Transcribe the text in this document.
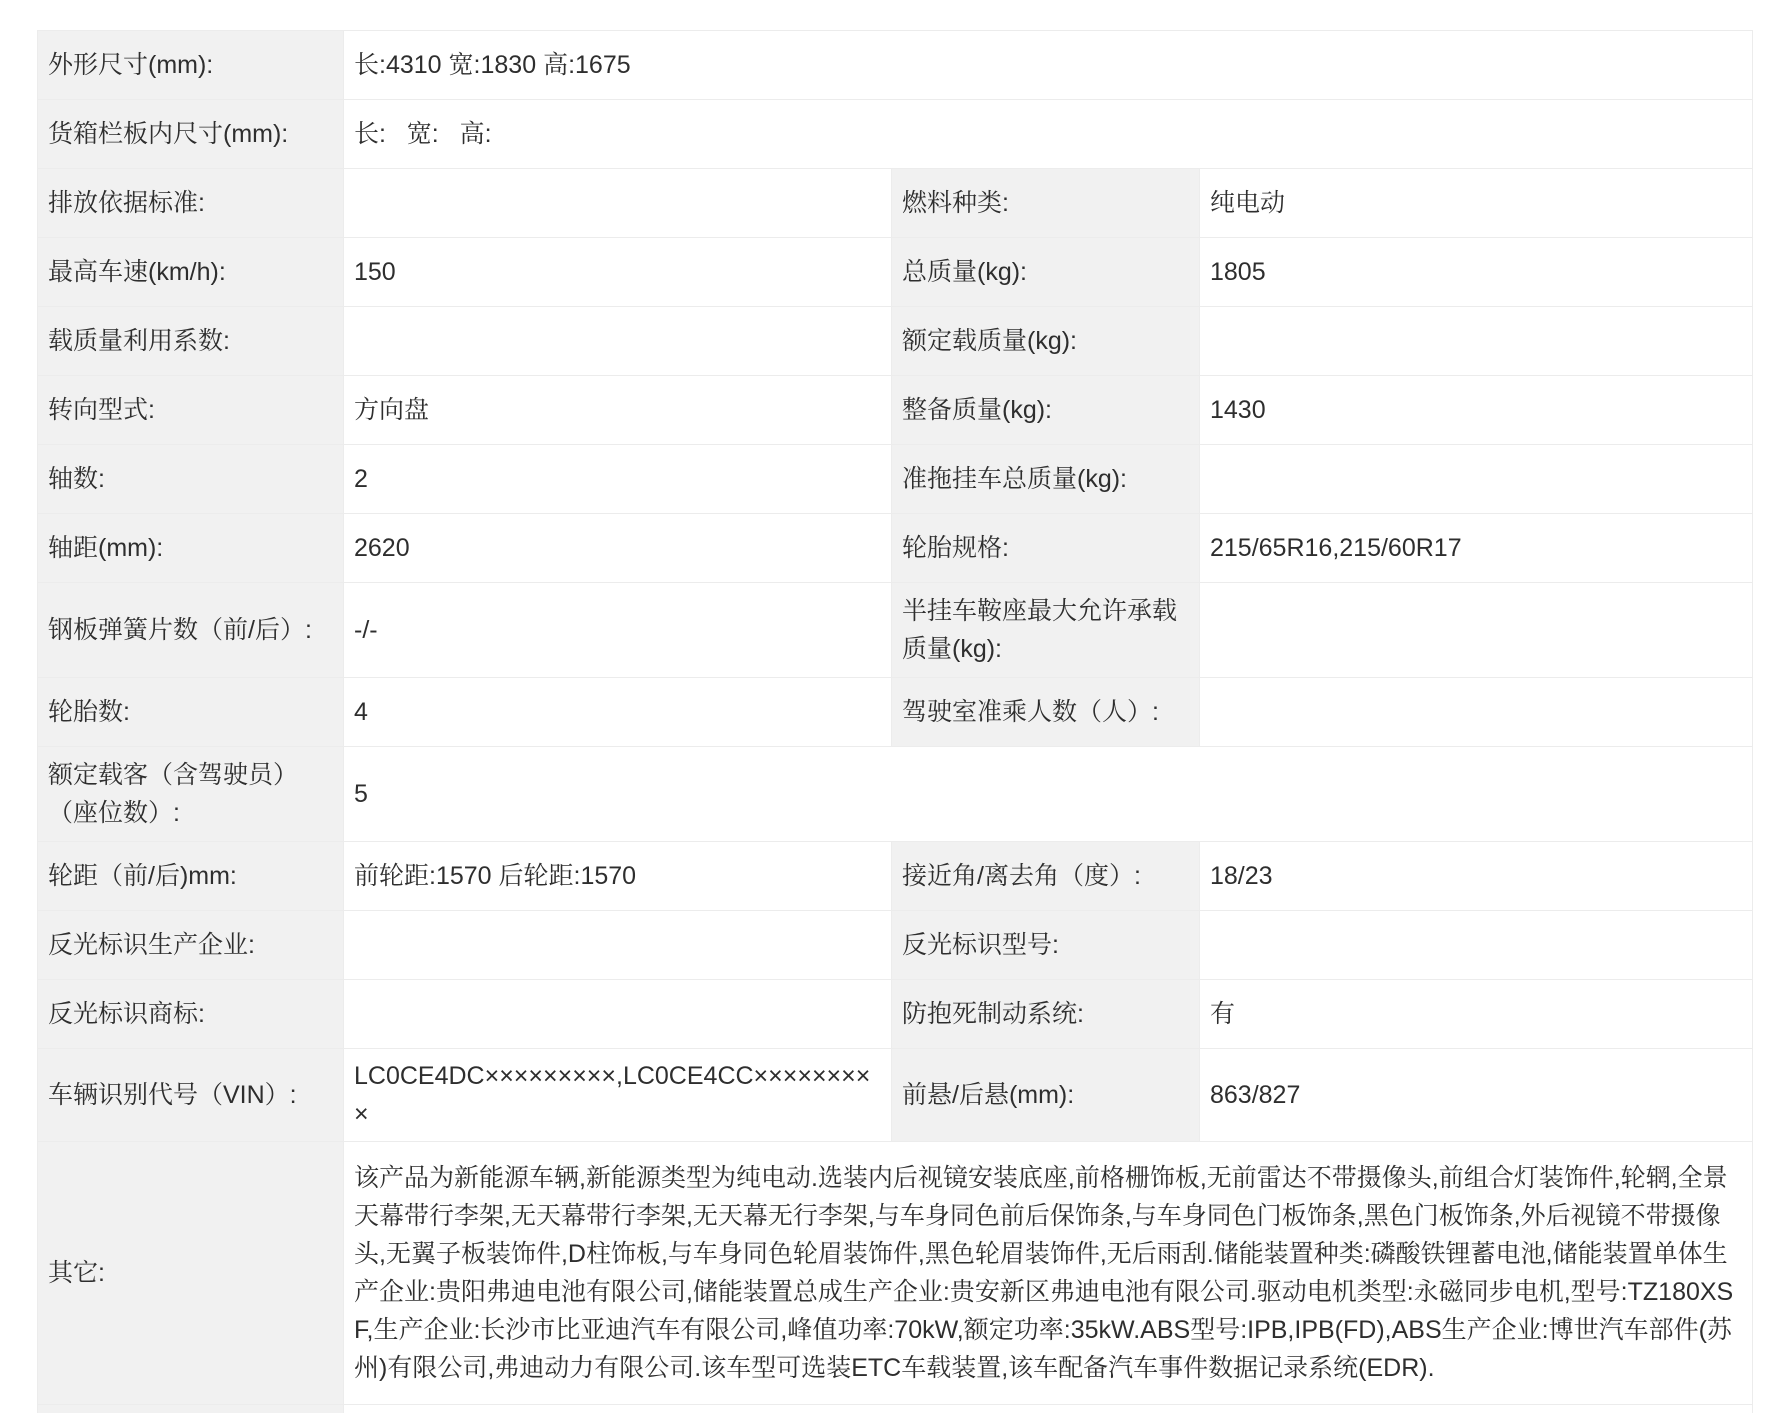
外形尺寸(mm):	长:4310 宽:1830 高:1675		
货箱栏板内尺寸(mm):	长:   宽:   高:		
排放依据标准:		燃料种类:	纯电动
最高车速(km/h):	150	总质量(kg):	1805
载质量利用系数:		额定载质量(kg):	
转向型式:	方向盘	整备质量(kg):	1430
轴数:	2	准拖挂车总质量(kg):	
轴距(mm):	2620	轮胎规格:	215/65R16,215/60R17
钢板弹簧片数（前/后）:	-/-	半挂车鞍座最大允许承载质量(kg):	
轮胎数:	4	驾驶室准乘人数（人）:	
额定载客（含驾驶员）（座位数）:	5		
轮距（前/后)mm:	前轮距:1570 后轮距:1570	接近角/离去角（度）:	18/23
反光标识生产企业:		反光标识型号:	
反光标识商标:		防抱死制动系统:	有
车辆识别代号（VIN）:	LC0CE4DC×××××××××,LC0CE4CC×××××××××	前悬/后悬(mm):	863/827
其它:	该产品为新能源车辆,新能源类型为纯电动.选装内后视镜安装底座,前格栅饰板,无前雷达不带摄像头,前组合灯装饰件,轮辋,全景天幕带行李架,无天幕带行李架,无天幕无行李架,与车身同色前后保饰条,与车身同色门板饰条,黑色门板饰条,外后视镜不带摄像头,无翼子板装饰件,D柱饰板,与车身同色轮眉装饰件,黑色轮眉装饰件,无后雨刮.储能装置种类:磷酸铁锂蓄电池,储能装置单体生产企业:贵阳弗迪电池有限公司,储能装置总成生产企业:贵安新区弗迪电池有限公司.驱动电机类型:永磁同步电机,型号:TZ180XSF,生产企业:长沙市比亚迪汽车有限公司,峰值功率:70kW,额定功率:35kW.ABS型号:IPB,IPB(FD),ABS生产企业:博世汽车部件(苏州)有限公司,弗迪动力有限公司.该车型可选装ETC车载装置,该车配备汽车事件数据记录系统(EDR).		
